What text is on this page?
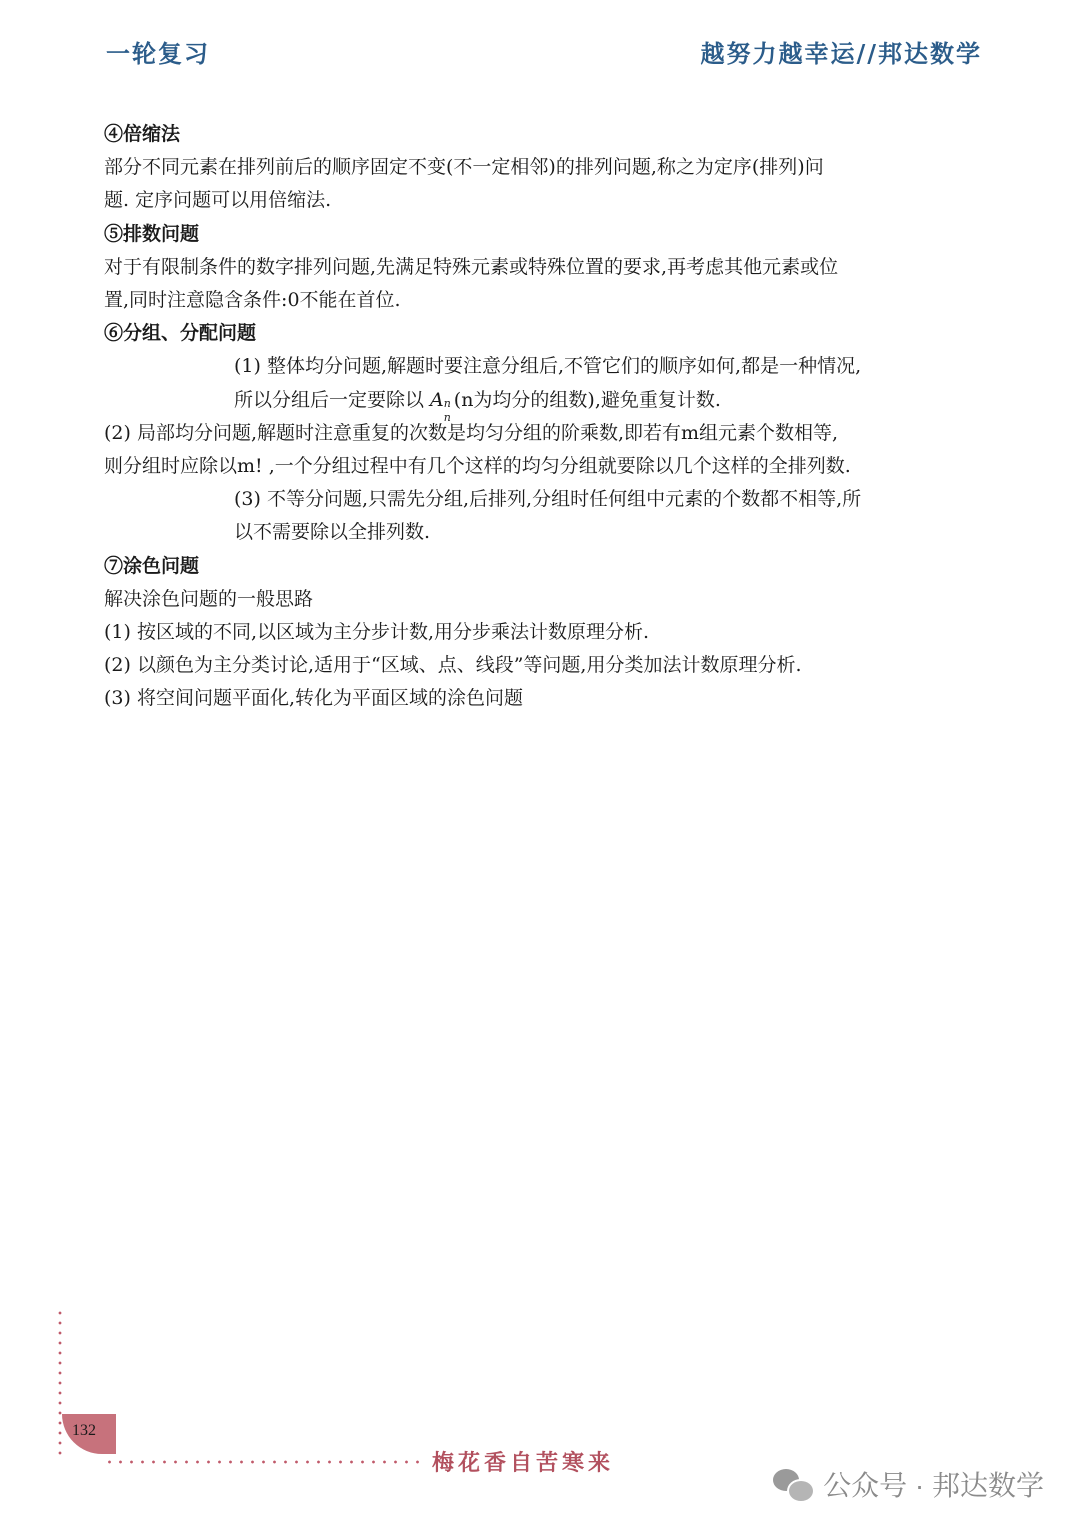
一轮复习	越努力越幸运//邦达数学
④倍缩法
部分不同元素在排列前后的顺序固定不变(不一定相邻)的排列问题,称之为定序(排列)问
题. 定序问题可以用倍缩法.
⑤排数问题
对于有限制条件的数字排列问题,先满足特殊元素或特殊位置的要求,再考虑其他元素或位
置,同时注意隐含条件:0不能在首位.
⑥分组、分配问题
(1) 整体均分问题,解题时要注意分组后,不管它们的顺序如何,都是一种情况,
所以分组后一定要除以 A n
n
(n为均分的组数),避免重复计数.
(2) 局部均分问题,解题时注意重复的次数是均匀分组的阶乘数,即若有m组元素个数相等,
则分组时应除以m! ,一个分组过程中有几个这样的均匀分组就要除以几个这样的全排列数.
(3) 不等分问题,只需先分组,后排列,分组时任何组中元素的个数都不相等,所
以不需要除以全排列数.
⑦涂色问题
解决涂色问题的一般思路
(1) 按区域的不同,以区域为主分步计数,用分步乘法计数原理分析.
(2) 以颜色为主分类讨论,适用于“区域、点、线段”等问题,用分类加法计数原理分析.
(3) 将空间问题平面化,转化为平面区域的涂色问题
132
梅花香自苦寒来
公众号 · 邦达数学
